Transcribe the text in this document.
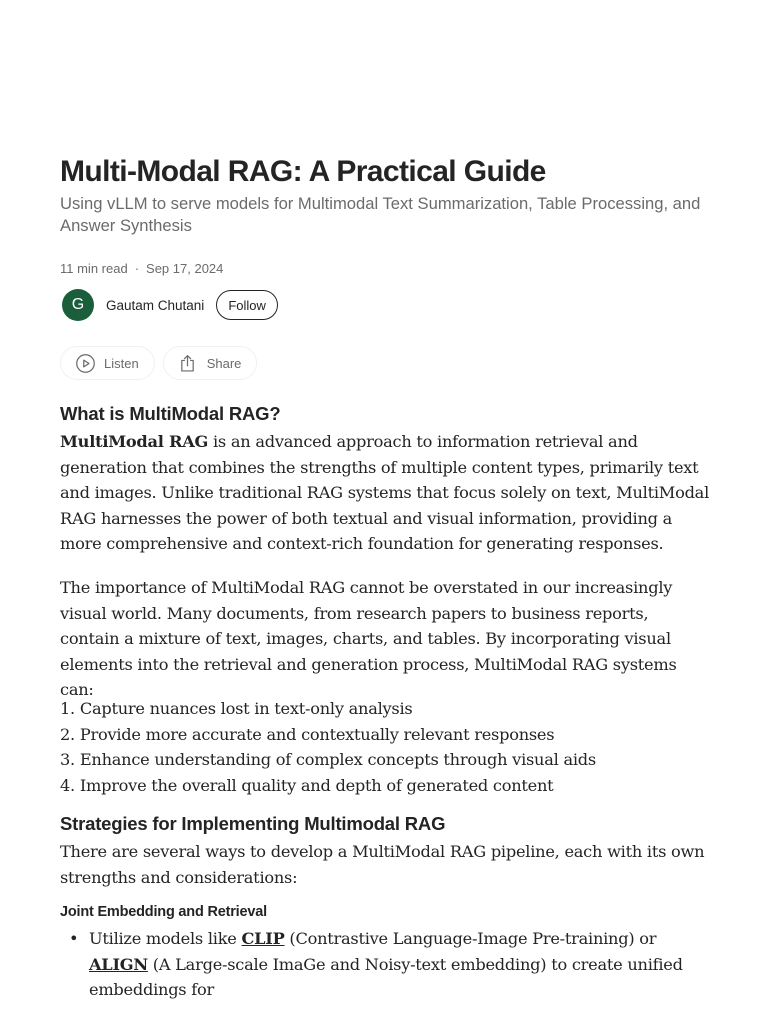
Multi-Modal RAG: A Practical Guide

Using vLLM to serve models for Multimodal Text Summarization, Table Processing, and Answer Synthesis

11 min read · Sep 17, 2024
G	Gautam Chutani	Follow
Listen	Share
What is MultiModal RAG?

MultiModal RAG is an advanced approach to information retrieval and generation that combines the strengths of multiple content types, primarily text and images. Unlike traditional RAG systems that focus solely on text, MultiModal RAG harnesses the power of both textual and visual information, providing a more comprehensive and context-rich foundation for generating responses.

The importance of MultiModal RAG cannot be overstated in our increasingly visual world. Many documents, from research papers to business reports, contain a mixture of text, images, charts, and tables. By incorporating visual elements into the retrieval and generation process, MultiModal RAG systems can:

1. Capture nuances lost in text-only analysis
2. Provide more accurate and contextually relevant responses
3. Enhance understanding of complex concepts through visual aids
4. Improve the overall quality and depth of generated content
Strategies for Implementing Multimodal RAG

There are several ways to develop a MultiModal RAG pipeline, each with its own strengths and considerations:

Joint Embedding and Retrieval
• Utilize models like CLIP (Contrastive Language-Image Pre-training) or ALIGN (A Large-scale ImaGe and Noisy-text embedding) to create unified embeddings for
